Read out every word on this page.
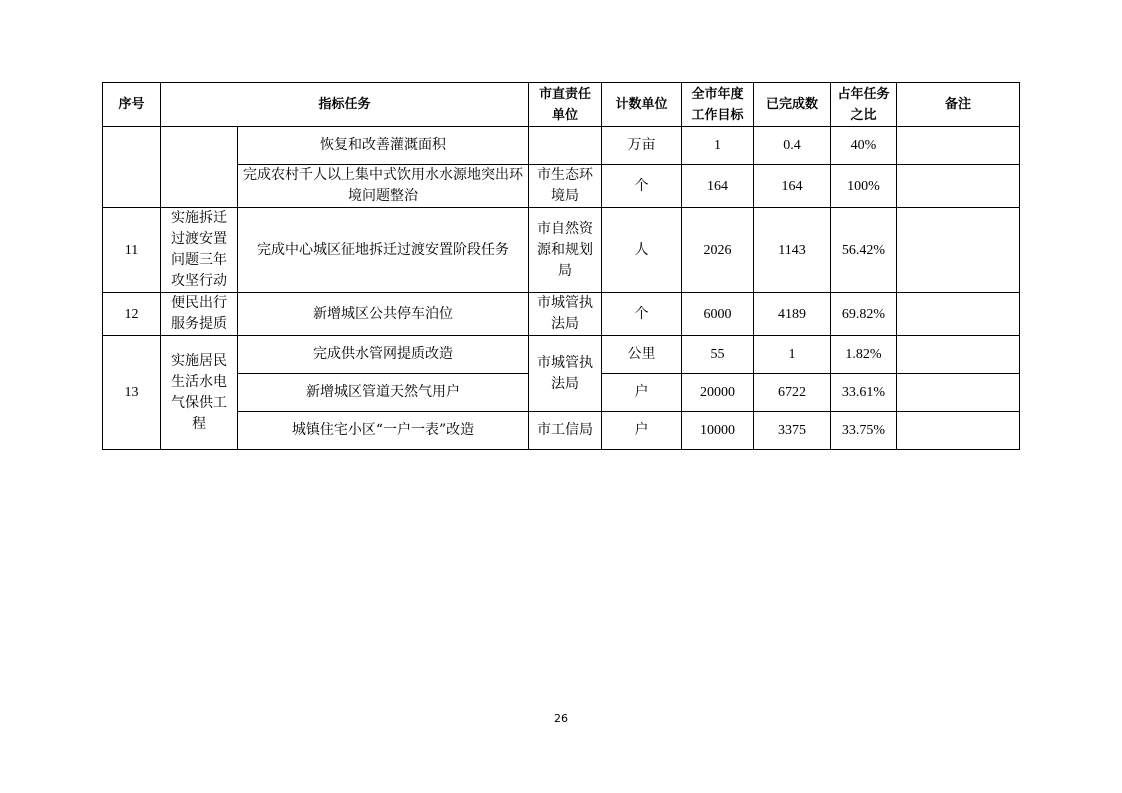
序号	指标任务		市直责任单位	计数单位	全市年度工作目标	已完成数	占年任务之比	备注
		恢复和改善灌溉面积		万亩	1	0.4	40%	
		完成农村千人以上集中式饮用水水源地突出环境问题整治	市生态环境局	个	164	164	100%	
11	实施拆迁过渡安置问题三年攻坚行动	完成中心城区征地拆迁过渡安置阶段任务	市自然资源和规划局	人	2026	1143	56.42%	
12	便民出行服务提质	新增城区公共停车泊位	市城管执法局	个	6000	4189	69.82%	
13	实施居民生活水电气保供工程	完成供水管网提质改造	市城管执法局	公里	55	1	1.82%	
		新增城区管道天然气用户		户	20000	6722	33.61%	
		城镇住宅小区“一户一表”改造	市工信局	户	10000	3375	33.75%	
26
